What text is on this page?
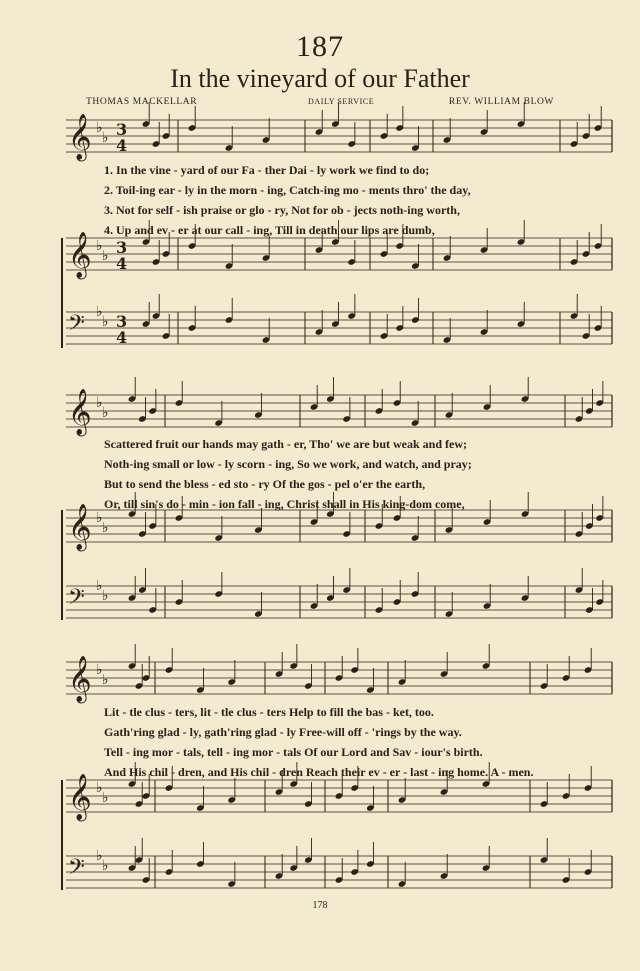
187
In the vineyard of our Father
THOMAS MACKELLAR	DAILY SERVICE	REV. WILLIAM BLOW
𝄞 ♭
♭ 3
4
𝄞 ♭
♭ 3
4
𝄢 ♭
♭ 3
4
𝄞 ♭
♭
𝄞 ♭
♭
𝄢 ♭
♭
𝄞 ♭
♭
𝄞 ♭
♭
𝄢 ♭
♭
1. In the vine - yard of our Fa - ther Dai - ly work we find to do;
2. Toil-ing ear - ly in the morn - ing, Catch-ing mo - ments thro' the day,
3. Not for self - ish praise or glo - ry, Not for ob - jects noth-ing worth,
4. Up and ev - er at our call - ing, Till in death our lips are dumb,
Scattered fruit our hands may gath - er, Tho' we are but weak and few;
Noth-ing small or low - ly scorn - ing, So we work, and watch, and pray;
But to send the bless - ed sto - ry Of the gos - pel o'er the earth,
Or, till sin's do - min - ion fall - ing, Christ shall in His king-dom come,
Lit - tle clus - ters, lit - tle clus - ters Help to fill the bas - ket, too.
Gath'ring glad - ly, gath'ring glad - ly Free-will off - 'rings by the way.
Tell - ing mor - tals, tell - ing mor - tals Of our Lord and Sav - iour's birth.
And His chil - dren, and His chil - dren Reach their ev - er - last - ing home. A - men.
178
